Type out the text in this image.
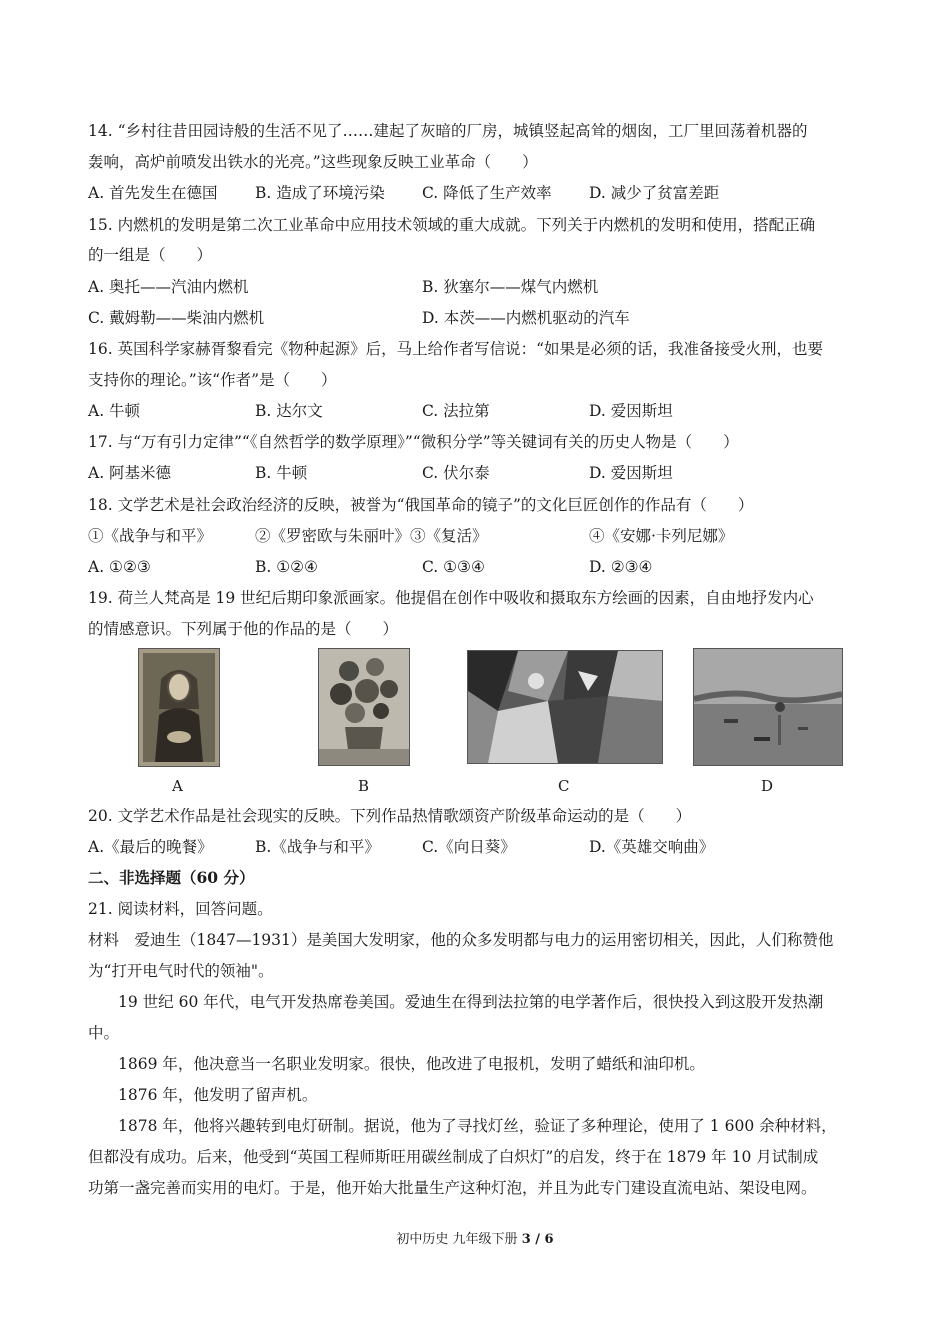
14. “乡村往昔田园诗般的生活不见了……建起了灰暗的厂房，城镇竖起高耸的烟囱，工厂里回荡着机器的
轰响，高炉前喷发出铁水的光亮。”这些现象反映工业革命（　　）
A. 首先发生在德国 B. 造成了环境污染 C. 降低了生产效率 D. 减少了贫富差距
15. 内燃机的发明是第二次工业革命中应用技术领域的重大成就。下列关于内燃机的发明和使用，搭配正确
的一组是（　　）
A. 奥托——汽油内燃机	B. 狄塞尔——煤气内燃机
C. 戴姆勒——柴油内燃机	D. 本茨——内燃机驱动的汽车
16. 英国科学家赫胥黎看完《物种起源》后，马上给作者写信说：“如果是必须的话，我准备接受火刑，也要
支持你的理论。”该“作者”是（　　）
A. 牛顿	B. 达尔文	C. 法拉第	D. 爱因斯坦
17. 与“万有引力定律”“《自然哲学的数学原理》”“微积分学”等关键词有关的历史人物是（　　）
A. 阿基米德	B. 牛顿	C. 伏尔泰	D. 爱因斯坦
18. 文学艺术是社会政治经济的反映，被誉为“俄国革命的镜子”的文化巨匠创作的作品有（　　）
①《战争与和平》	②《罗密欧与朱丽叶》③《复活》	④《安娜·卡列尼娜》
A. ①②③	B. ①②④	C. ①③④	D. ②③④
19. 荷兰人梵高是 19 世纪后期印象派画家。他提倡在创作中吸收和摄取东方绘画的因素，自由地抒发内心
的情感意识。下列属于他的作品的是（　　）
A	B	C	D
20. 文学艺术作品是社会现实的反映。下列作品热情歌颂资产阶级革命运动的是（　　）
A.《最后的晚餐》	B.《战争与和平》	C.《向日葵》	D.《英雄交响曲》
二、非选择题（60 分）
21. 阅读材料，回答问题。
材料　爱迪生（1847—1931）是美国大发明家，他的众多发明都与电力的运用密切相关，因此，人们称赞他
为“打开电气时代的领袖"。
19 世纪 60 年代，电气开发热席卷美国。爱迪生在得到法拉第的电学著作后，很快投入到这股开发热潮
中。
1869 年，他决意当一名职业发明家。很快，他改进了电报机，发明了蜡纸和油印机。
1876 年，他发明了留声机。
1878 年，他将兴趣转到电灯研制。据说，他为了寻找灯丝，验证了多种理论，使用了 1 600 余种材料，
但都没有成功。后来，他受到“英国工程师斯旺用碳丝制成了白炽灯”的启发，终于在 1879 年 10 月试制成
功第一盏完善而实用的电灯。于是，他开始大批量生产这种灯泡，并且为此专门建设直流电站、架设电网。
初中历史 九年级下册 3 / 6
